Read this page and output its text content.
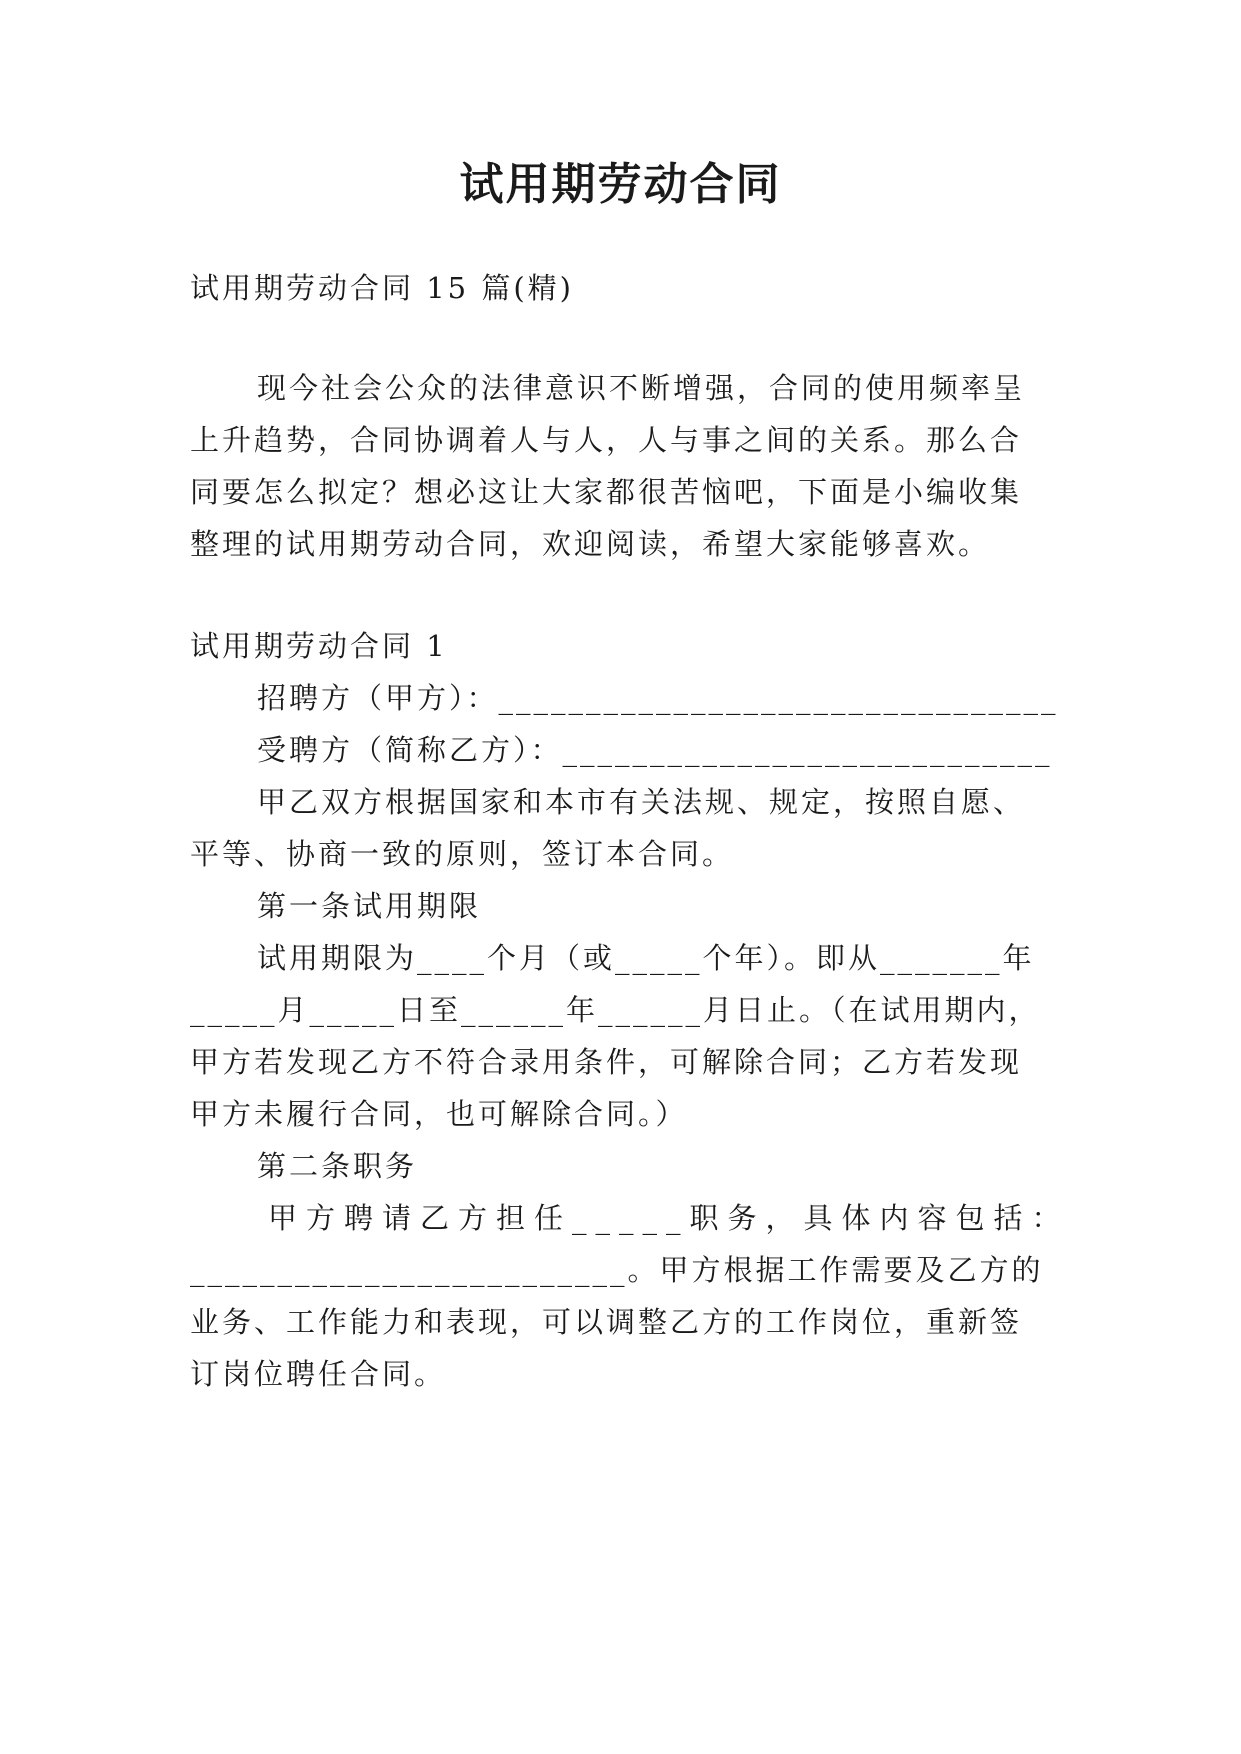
试用期劳动合同
试用期劳动合同 15 篇(精)
现今社会公众的法律意识不断增强，合同的使用频率呈
上升趋势，合同协调着人与人，人与事之间的关系。那么合
同要怎么拟定？想必这让大家都很苦恼吧，下面是小编收集
整理的试用期劳动合同，欢迎阅读，希望大家能够喜欢。
试用期劳动合同 1
招聘方（甲方）：________________________________
受聘方（简称乙方）：____________________________
甲乙双方根据国家和本市有关法规、规定，按照自愿、
平等、协商一致的原则，签订本合同。
第一条试用期限
试用期限为____个月（或_____个年）。即从_______年
_____月_____日至______年______月日止。（在试用期内，
甲方若发现乙方不符合录用条件，可解除合同；乙方若发现
甲方未履行合同，也可解除合同。）
第二条职务
甲方聘请乙方担任_____职务，具体内容包括：
_________________________。甲方根据工作需要及乙方的
业务、工作能力和表现，可以调整乙方的工作岗位，重新签
订岗位聘任合同。
